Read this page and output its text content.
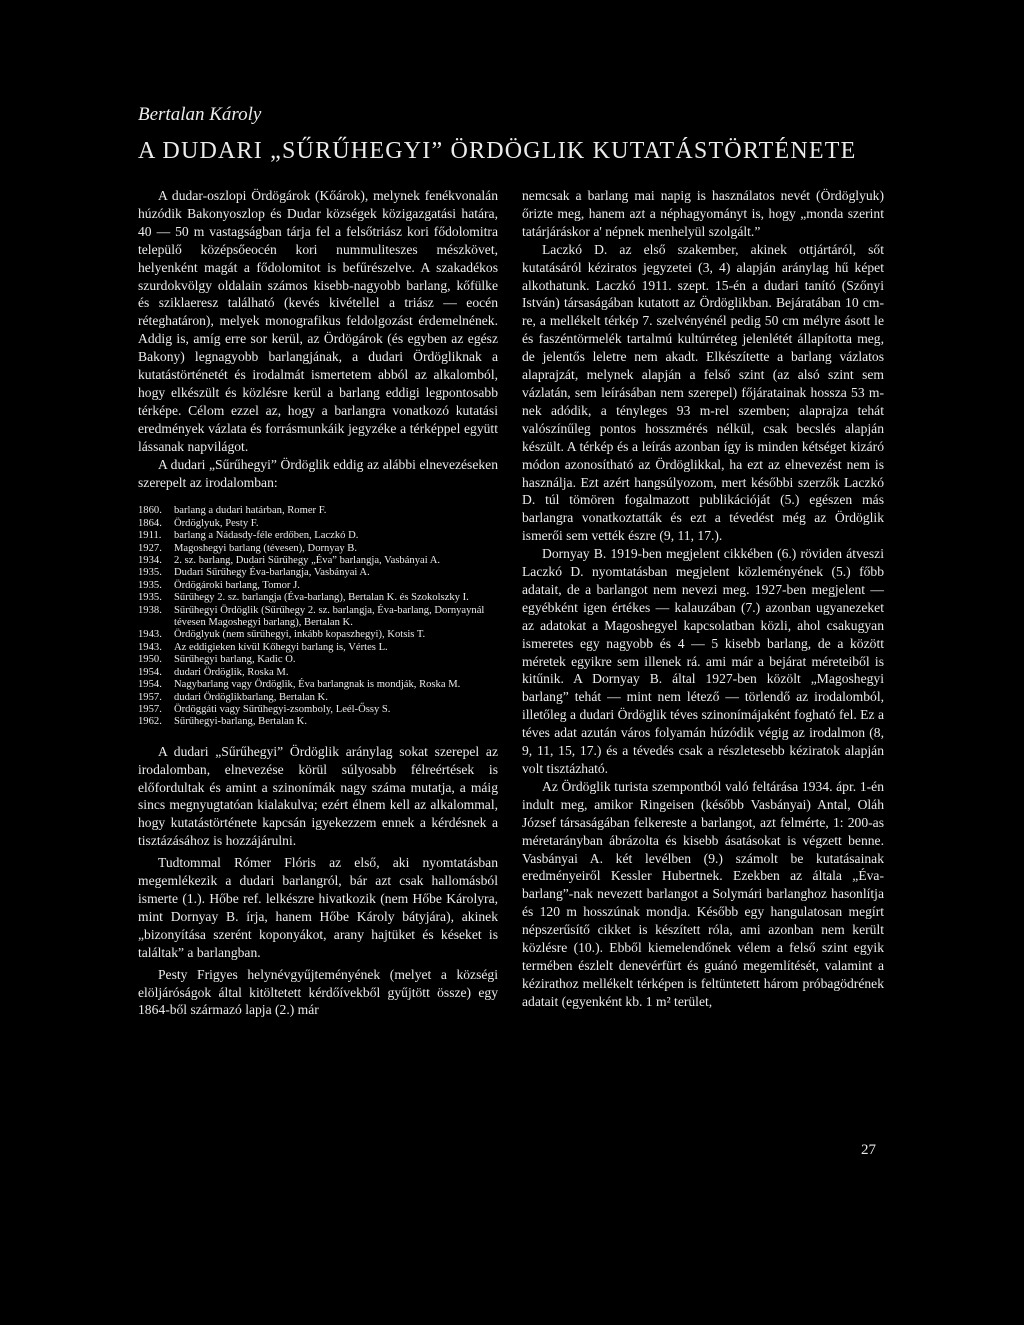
Bertalan Károly
A DUDARI „SŰRŰHEGYI” ÖRDÖGLIK KUTATÁSTÖRTÉNETE

A dudar-oszlopi Ördögárok (Kőárok), melynek fenékvonalán húzódik Bakonyoszlop és Dudar községek közigazgatási határa, 40 — 50 m vastagságban tárja fel a felsőtriász kori fődolomitra települő középsőeocén kori nummuliteszes mészkövet, helyenként magát a fődolomitot is befűrészelve. A szakadékos szurdokvölgy oldalain számos kisebb-nagyobb barlang, kőfülke és sziklaeresz található (kevés kivétellel a triász — eocén réteghatáron), melyek monografikus feldolgozást érdemelnének. Addig is, amíg erre sor kerül, az Ördögárok (és egyben az egész Bakony) legnagyobb barlangjának, a dudari Ördögliknak a kutatástörténetét és irodalmát ismertetem abból az alkalomból, hogy elkészült és közlésre kerül a barlang eddigi legpontosabb térképe. Célom ezzel az, hogy a barlangra vonatkozó kutatási eredmények vázlata és forrásmunkáik jegyzéke a térképpel együtt lássanak napvilágot.

A dudari „Sűrűhegyi” Ördöglik eddig az alábbi elnevezéseken szerepelt az irodalomban:

1860.	barlang a dudari határban, Romer F.
1864.	Ördöglyuk, Pesty F.
1911.	barlang a Nádasdy-féle erdőben, Laczkó D.
1927.	Magoshegyi barlang (tévesen), Dornyay B.
1934.	2. sz. barlang, Dudari Sűrűhegy „Éva” barlangja, Vasbányai A.
1935.	Dudari Sűrűhegy Éva-barlangja, Vasbányai A.
1935.	Ördögároki barlang, Tomor J.
1935.	Sűrűhegy 2. sz. barlangja (Éva-barlang), Bertalan K. és Szokolszky I.
1938.	Sűrűhegyi Ördöglik (Sűrűhegy 2. sz. barlangja, Éva-barlang, Dornyaynál tévesen Magoshegyi barlang), Bertalan K.
1943.	Ördöglyuk (nem sűrűhegyi, inkább kopaszhegyi), Kotsis T.
1943.	Az eddigieken kívül Kőhegyi barlang is, Vértes L.
1950.	Sűrűhegyi barlang, Kadic O.
1954.	dudari Ördöglik, Roska M.
1954.	Nagybarlang vagy Ördöglik, Éva barlangnak is mondják, Roska M.
1957.	dudari Ördöglikbarlang, Bertalan K.
1957.	Ördöggáti vagy Sűrűhegyi-zsomboly, Leél-Őssy S.
1962.	Sűrűhegyi-barlang, Bertalan K.

A dudari „Sűrűhegyi” Ördöglik aránylag sokat szerepel az irodalomban, elnevezése körül súlyosabb félreértések is előfordultak és amint a szinonímák nagy száma mutatja, a máig sincs megnyugtatóan kialakulva; ezért élnem kell az alkalommal, hogy kutatástörténete kapcsán igyekezzem ennek a kérdésnek a tisztázásához is hozzájárulni.

Tudtommal Rómer Flóris az első, aki nyomtatásban megemlékezik a dudari barlangról, bár azt csak hallomásból ismerte (1.). Hőbe ref. lelkészre hivatkozik (nem Hőbe Károlyra, mint Dornyay B. írja, hanem Hőbe Károly bátyjára), akinek „bizonyítása szerént koponyákot, arany hajtüket és késeket is találtak” a barlangban.

Pesty Frigyes helynévgyűjteményének (melyet a községi elöljáróságok által kitöltetett kérdőívekből gyűjtött össze) egy 1864-ből származó lapja (2.) már

nemcsak a barlang mai napig is használatos nevét (Ördöglyuk) őrizte meg, hanem azt a néphagyományt is, hogy „monda szerint tatárjáráskor a' népnek menhelyül szolgált.”

Laczkó D. az első szakember, akinek ottjártáról, sőt kutatásáról kéziratos jegyzetei (3, 4) alapján aránylag hű képet alkothatunk. Laczkó 1911. szept. 15-én a dudari tanító (Szőnyi István) társaságában kutatott az Ördöglikban. Bejáratában 10 cm-re, a mellékelt térkép 7. szelvényénél pedig 50 cm mélyre ásott le és faszéntörmelék tartalmú kultúrréteg jelenlétét állapította meg, de jelentős leletre nem akadt. Elkészítette a barlang vázlatos alaprajzát, melynek alapján a felső szint (az alsó szint sem vázlatán, sem leírásában nem szerepel) főjáratainak hossza 53 m-nek adódik, a tényleges 93 m-rel szemben; alaprajza tehát valószínűleg pontos hosszmérés nélkül, csak becslés alapján készült. A térkép és a leírás azonban így is minden kétséget kizáró módon azonosítható az Ördöglikkal, ha ezt az elnevezést nem is használja. Ezt azért hangsúlyozom, mert későbbi szerzők Laczkó D. túl tömören fogalmazott publikációját (5.) egészen más barlangra vonatkoztatták és ezt a tévedést még az Ördöglik ismerői sem vették észre (9, 11, 17.).

Dornyay B. 1919-ben megjelent cikkében (6.) röviden átveszi Laczkó D. nyomtatásban megjelent közleményének (5.) főbb adatait, de a barlangot nem nevezi meg. 1927-ben megjelent — egyébként igen értékes — kalauzában (7.) azonban ugyanezeket az adatokat a Magoshegyel kapcsolatban közli, ahol csakugyan ismeretes egy nagyobb és 4 — 5 kisebb barlang, de a között méretek egyikre sem illenek rá. ami már a bejárat méreteiből is kitűnik. A Dornyay B. által 1927-ben közölt „Magoshegyi barlang” tehát — mint nem létező — törlendő az irodalomból, illetőleg a dudari Ördöglik téves szinonímájaként fogható fel. Ez a téves adat azután város folyamán húzódik végig az irodalmon (8, 9, 11, 15, 17.) és a tévedés csak a részletesebb kéziratok alapján volt tisztázható.

Az Ördöglik turista szempontból való feltárása 1934. ápr. 1-én indult meg, amikor Ringeisen (később Vasbányai) Antal, Oláh József társaságában felkereste a barlangot, azt felmérte, 1: 200-as méretarányban ábrázolta és kisebb ásatásokat is végzett benne. Vasbányai A. két levélben (9.) számolt be kutatásainak eredményeiről Kessler Hubertnek. Ezekben az általa „Éva-barlang”-nak nevezett barlangot a Solymári barlanghoz hasonlítja és 120 m hosszúnak mondja. Később egy hangulatosan megírt népszerűsítő cikket is készített róla, ami azonban nem került közlésre (10.). Ebből kiemelendőnek vélem a felső szint egyik termében észlelt denevérfürt és guánó megemlítését, valamint a kézirathoz mellékelt térképen is feltüntetett három próbagödrének adatait (egyenként kb. 1 m² terület,

27
